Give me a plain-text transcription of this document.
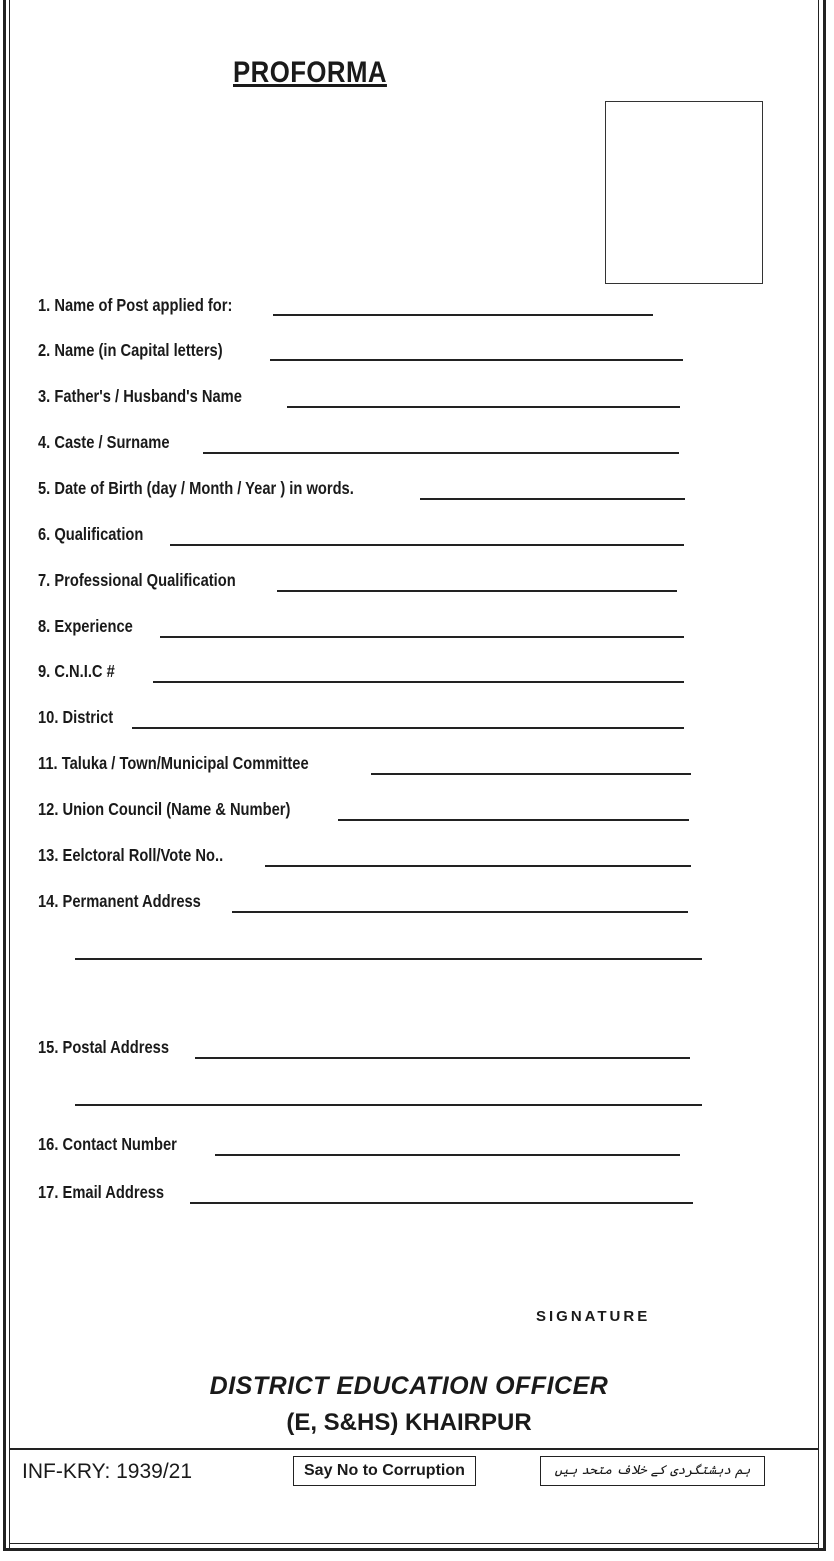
PROFORMA
1. Name of Post applied for:
2. Name (in Capital letters)
3. Father's / Husband's Name
4. Caste / Surname
5. Date of Birth (day / Month / Year ) in words.
6. Qualification
7. Professional Qualification
8. Experience
9. C.N.I.C #
10. District
11. Taluka / Town/Municipal Committee
12. Union Council (Name & Number)
13. Eelctoral Roll/Vote No..
14. Permanent Address
15. Postal Address
16. Contact Number
17. Email Address
SIGNATURE
DISTRICT EDUCATION OFFICER
(E, S&HS) KHAIRPUR
INF-KRY: 1939/21	Say No to Corruption	ہم دہشتگردی کے خلاف متحد ہیں
